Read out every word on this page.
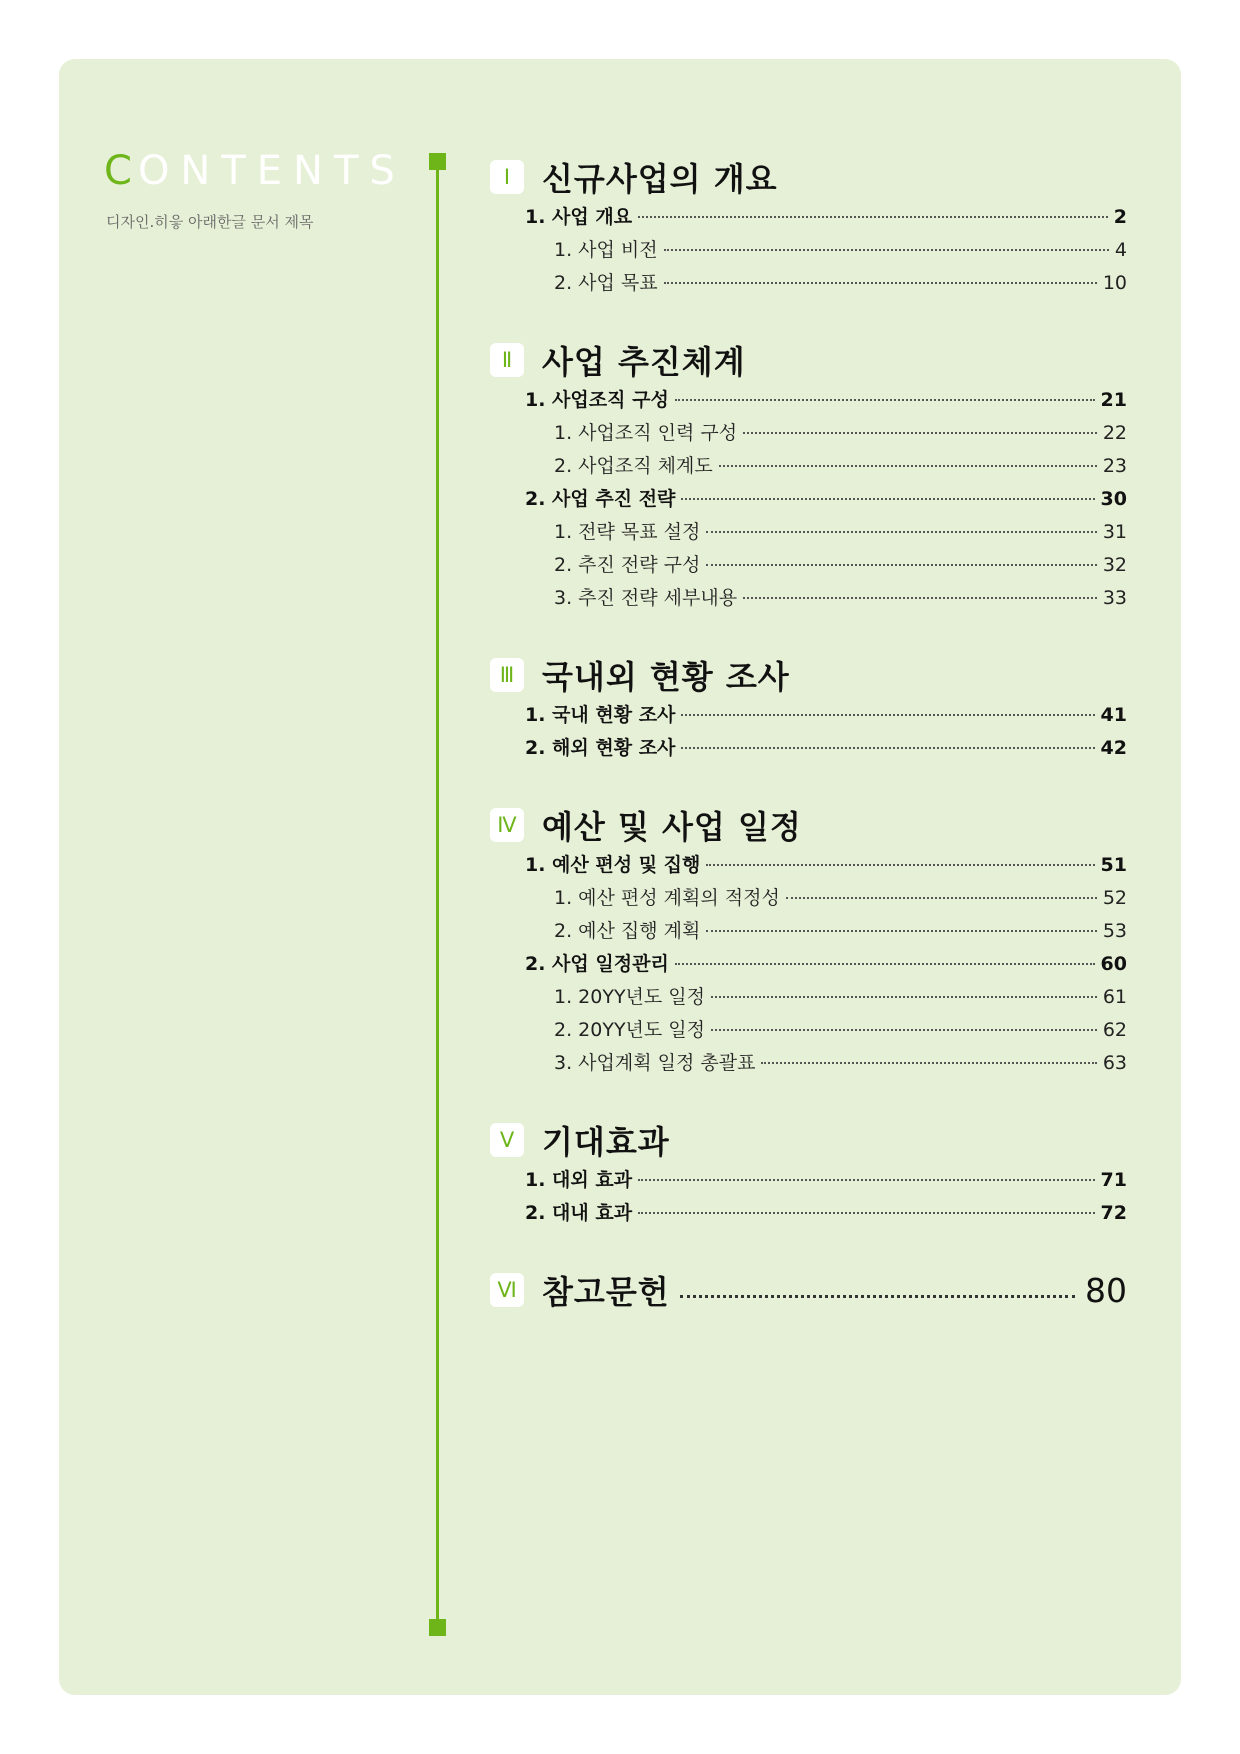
CONTENTS
디자인.히읗 아래한글 문서 제목
Ⅰ 신규사업의 개요
1. 사업 개요	2
1. 사업 비전	4
2. 사업 목표	10
Ⅱ 사업 추진체계
1. 사업조직 구성	21
1. 사업조직 인력 구성	22
2. 사업조직 체계도	23
2. 사업 추진 전략	30
1. 전략 목표 설정	31
2. 추진 전략 구성	32
3. 추진 전략 세부내용	33
Ⅲ 국내외 현황 조사
1. 국내 현황 조사	41
2. 해외 현황 조사	42
Ⅳ 예산 및 사업 일정
1. 예산 편성 및 집행	51
1. 예산 편성 계획의 적정성	52
2. 예산 집행 계획	53
2. 사업 일정관리	60
1. 20YY년도 일정	61
2. 20YY년도 일정	62
3. 사업계획 일정 총괄표	63
Ⅴ 기대효과
1. 대외 효과	71
2. 대내 효과	72
Ⅵ 참고문헌	80
